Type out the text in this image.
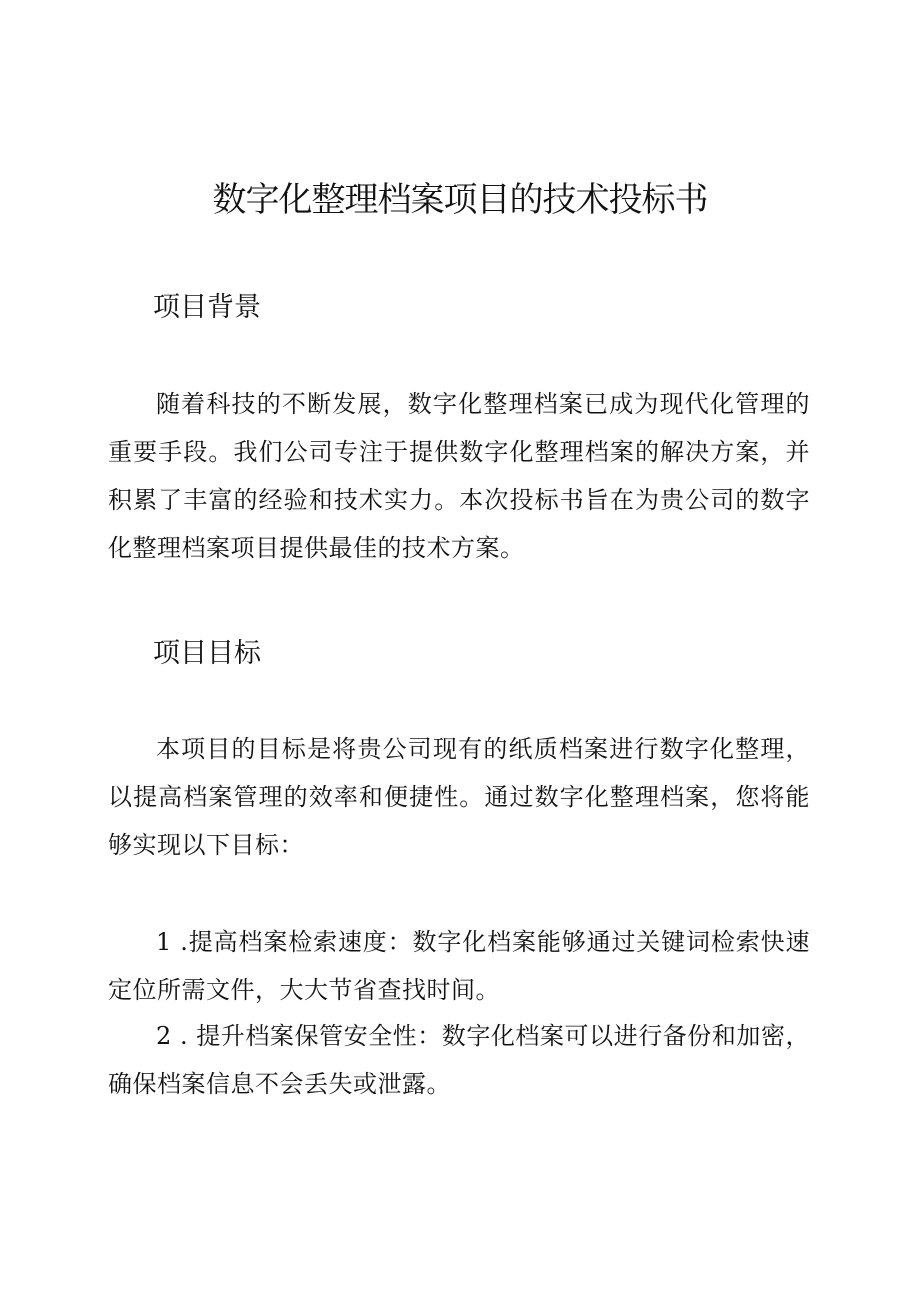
数字化整理档案项目的技术投标书
项目背景

随着科技的不断发展，数字化整理档案已成为现代化管理的重要手段。我们公司专注于提供数字化整理档案的解决方案，并积累了丰富的经验和技术实力。本次投标书旨在为贵公司的数字化整理档案项目提供最佳的技术方案。

项目目标

本项目的目标是将贵公司现有的纸质档案进行数字化整理，以提高档案管理的效率和便捷性。通过数字化整理档案，您将能够实现以下目标：

1 .提高档案检索速度：数字化档案能够通过关键词检索快速定位所需文件，大大节省查找时间。

2 . 提升档案保管安全性：数字化档案可以进行备份和加密，确保档案信息不会丢失或泄露。
